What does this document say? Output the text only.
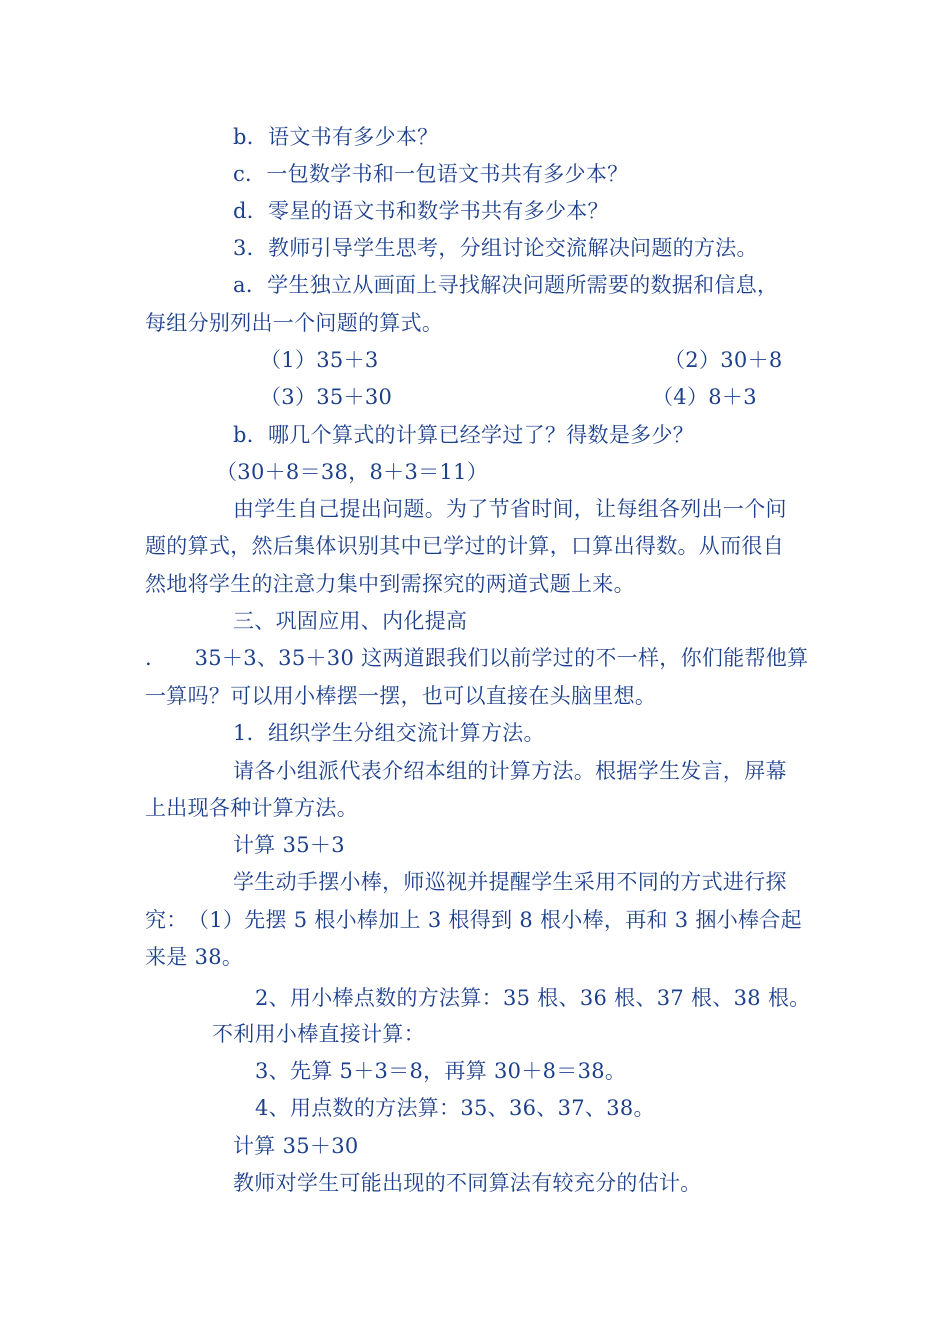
b．语文书有多少本？
c．一包数学书和一包语文书共有多少本？
d．零星的语文书和数学书共有多少本？
3．教师引导学生思考，分组讨论交流解决问题的方法。
a．学生独立从画面上寻找解决问题所需要的数据和信息，
每组分别列出一个问题的算式。
（1）35＋3	（2）30＋8
（3）35＋30	（4）8＋3
b．哪几个算式的计算已经学过了？得数是多少？
（30＋8＝38，8＋3＝11）
由学生自己提出问题。为了节省时间，让每组各列出一个问
题的算式，然后集体识别其中已学过的计算，口算出得数。从而很自
然地将学生的注意力集中到需探究的两道式题上来。
三、巩固应用、内化提高
.　　35＋3、35＋30 这两道跟我们以前学过的不一样，你们能帮他算
一算吗？可以用小棒摆一摆，也可以直接在头脑里想。
1．组织学生分组交流计算方法。
请各小组派代表介绍本组的计算方法。根据学生发言，屏幕
上出现各种计算方法。
计算 35＋3
学生动手摆小棒，师巡视并提醒学生采用不同的方式进行探
究：　（1）先摆 5 根小棒加上 3 根得到 8 根小棒，再和 3 捆小棒合起
来是 38。
2、用小棒点数的方法算：35 根、36 根、37 根、38 根。
不利用小棒直接计算：
3、先算 5＋3＝8，再算 30＋8＝38。
4、用点数的方法算：35、36、37、38。
计算 35＋30
教师对学生可能出现的不同算法有较充分的估计。
